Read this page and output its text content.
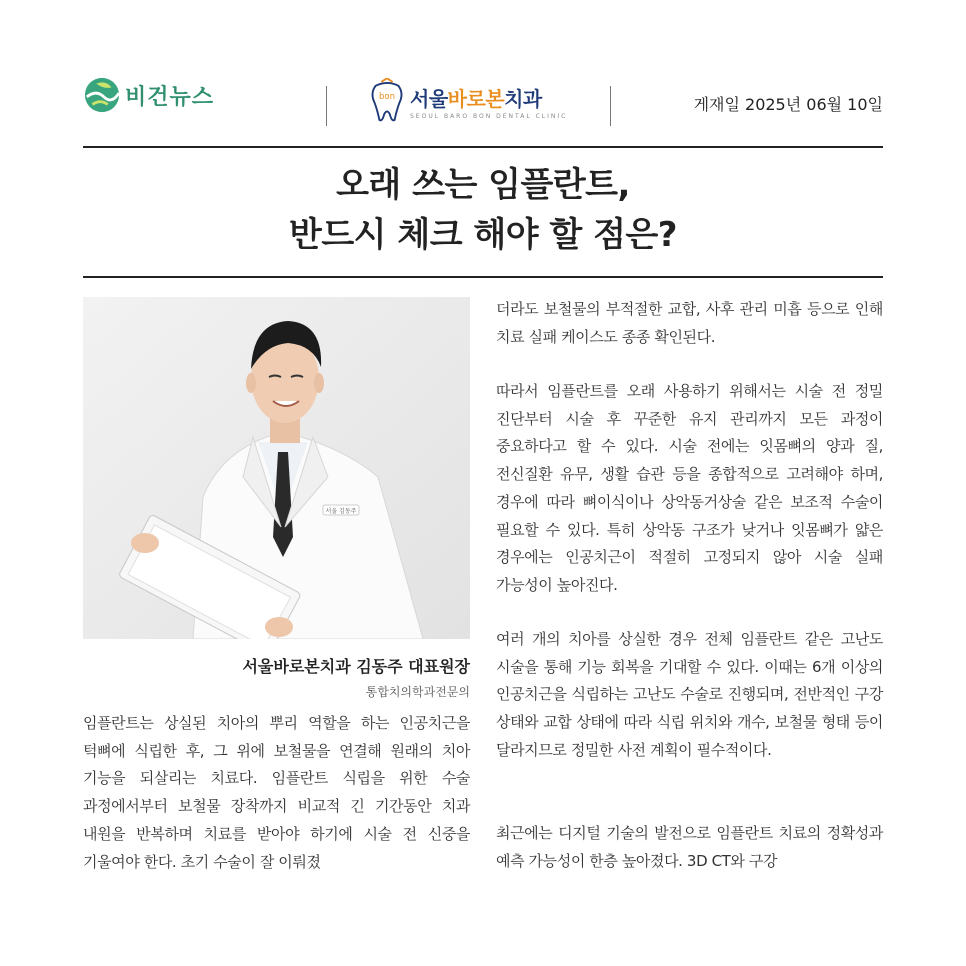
비건뉴스	bon 서울바로본치과
SEOUL BARO BON DENTAL CLINIC
게재일 2025년 06월 10일
오래 쓰는 임플란트,
반드시 체크 해야 할 점은?
서울 김동주
서울바로본치과 김동주 대표원장
통합치의학과전문의

임플란트는 상실된 치아의 뿌리 역할을 하는 인공치근을 턱뼈에 식립한 후, 그 위에 보철물을 연결해 원래의 치아 기능을 되살리는 치료다. 임플란트 식립을 위한 수술 과정에서부터 보철물 장착까지 비교적 긴 기간동안 치과 내원을 반복하며 치료를 받아야 하기에 시술 전 신중을 기울여야 한다. 초기 수술이 잘 이뤄졌

더라도 보철물의 부적절한 교합, 사후 관리 미흡 등으로 인해 치료 실패 케이스도 종종 확인된다.

따라서 임플란트를 오래 사용하기 위해서는 시술 전 정밀 진단부터 시술 후 꾸준한 유지 관리까지 모든 과정이 중요하다고 할 수 있다. 시술 전에는 잇몸뼈의 양과 질, 전신질환 유무, 생활 습관 등을 종합적으로 고려해야 하며, 경우에 따라 뼈이식이나 상악동거상술 같은 보조적 수술이 필요할 수 있다. 특히 상악동 구조가 낮거나 잇몸뼈가 얇은 경우에는 인공치근이 적절히 고정되지 않아 시술 실패 가능성이 높아진다.

여러 개의 치아를 상실한 경우 전체 임플란트 같은 고난도 시술을 통해 기능 회복을 기대할 수 있다. 이때는 6개 이상의 인공치근을 식립하는 고난도 수술로 진행되며, 전반적인 구강 상태와 교합 상태에 따라 식립 위치와 개수, 보철물 형태 등이 달라지므로 정밀한 사전 계획이 필수적이다.

최근에는 디지털 기술의 발전으로 임플란트 치료의 정확성과 예측 가능성이 한층 높아졌다. 3D CT와 구강
